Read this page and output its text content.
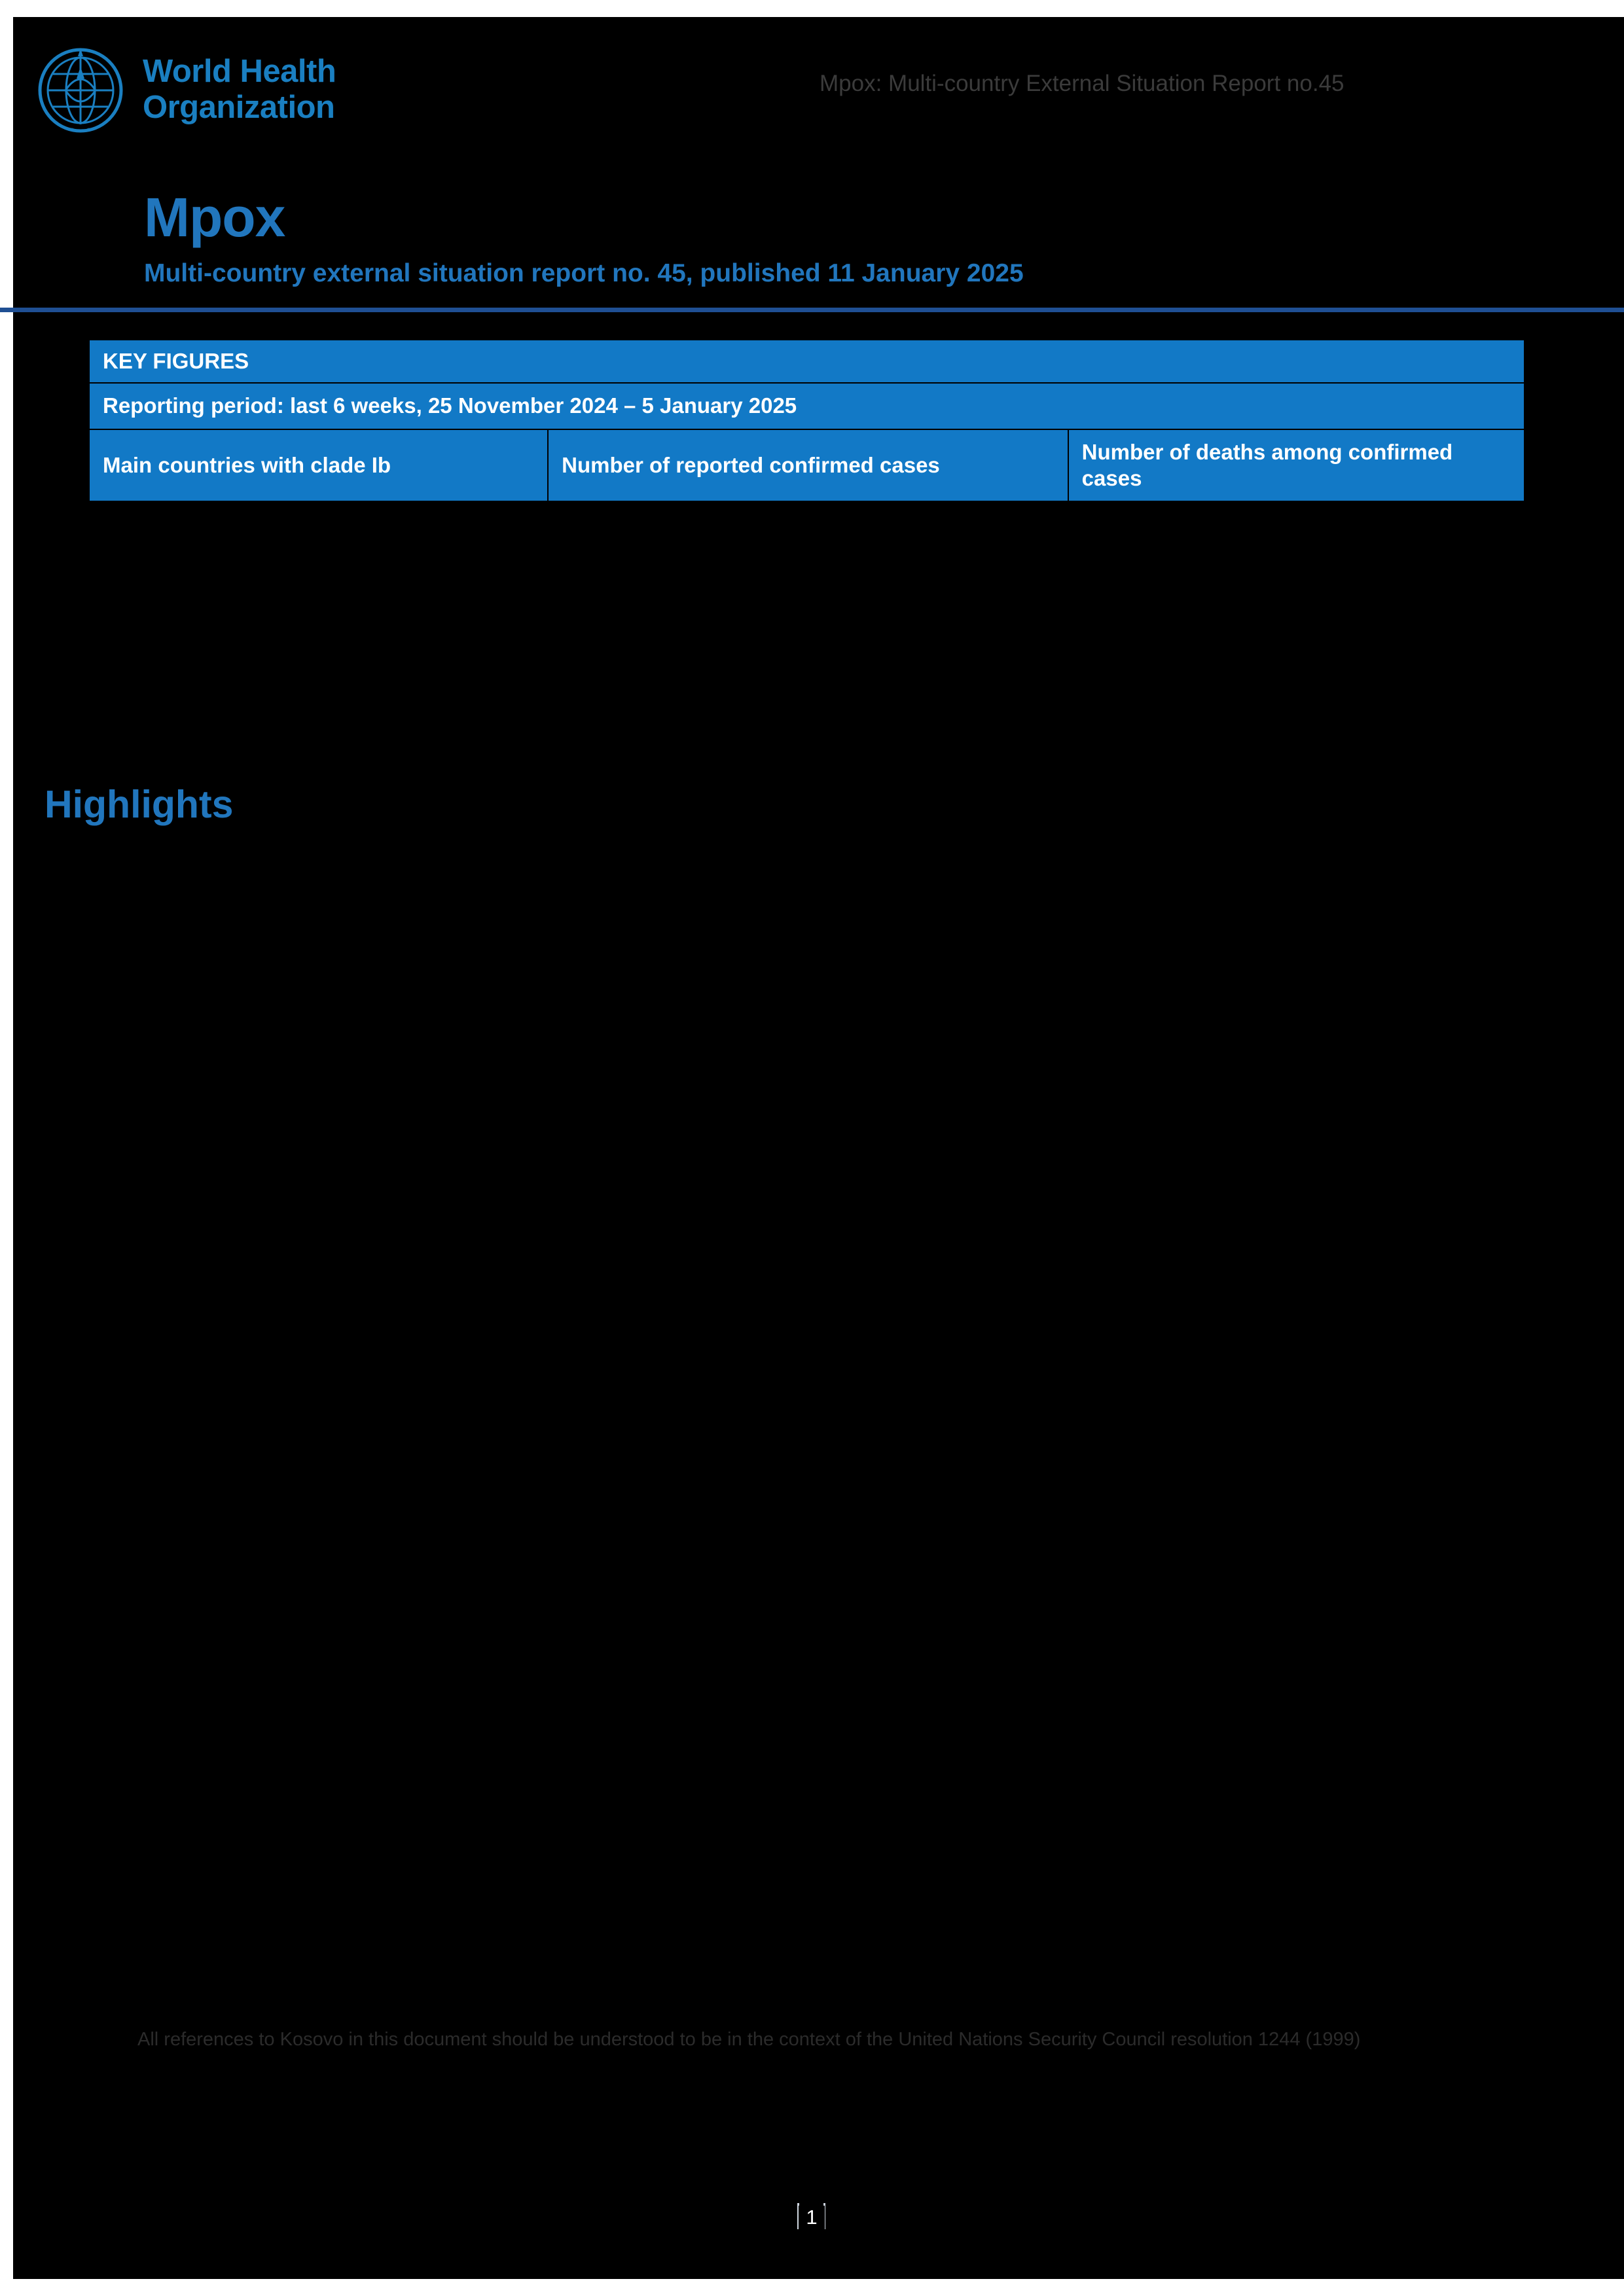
World Health
Organization
Mpox: Multi-country External Situation Report no.45
Mpox
Multi-country external situation report no. 45, published 11 January 2025
KEY FIGURES
Reporting period: last 6 weeks, 25 November 2024 – 5 January 2025
Main countries with clade Ib	Number of reported confirmed cases	Number of deaths among confirmed cases
Highlights
All references to Kosovo in this document should be understood to be in the context of the United Nations Security Council resolution 1244 (1999)
1
